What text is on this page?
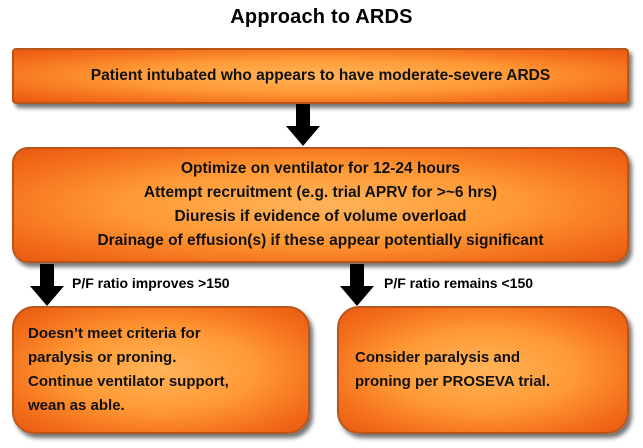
Approach to ARDS
Patient intubated who appears to have moderate-severe ARDS
Optimize on ventilator for 12-24 hours
Attempt recruitment (e.g. trial APRV for >~6 hrs)
Diuresis if evidence of volume overload
Drainage of effusion(s) if these appear potentially significant
P/F ratio improves >150	P/F ratio remains <150
Doesn’t meet criteria for
paralysis or proning.
Continue ventilator support,
wean as able.
Consider paralysis and
proning per PROSEVA trial.
